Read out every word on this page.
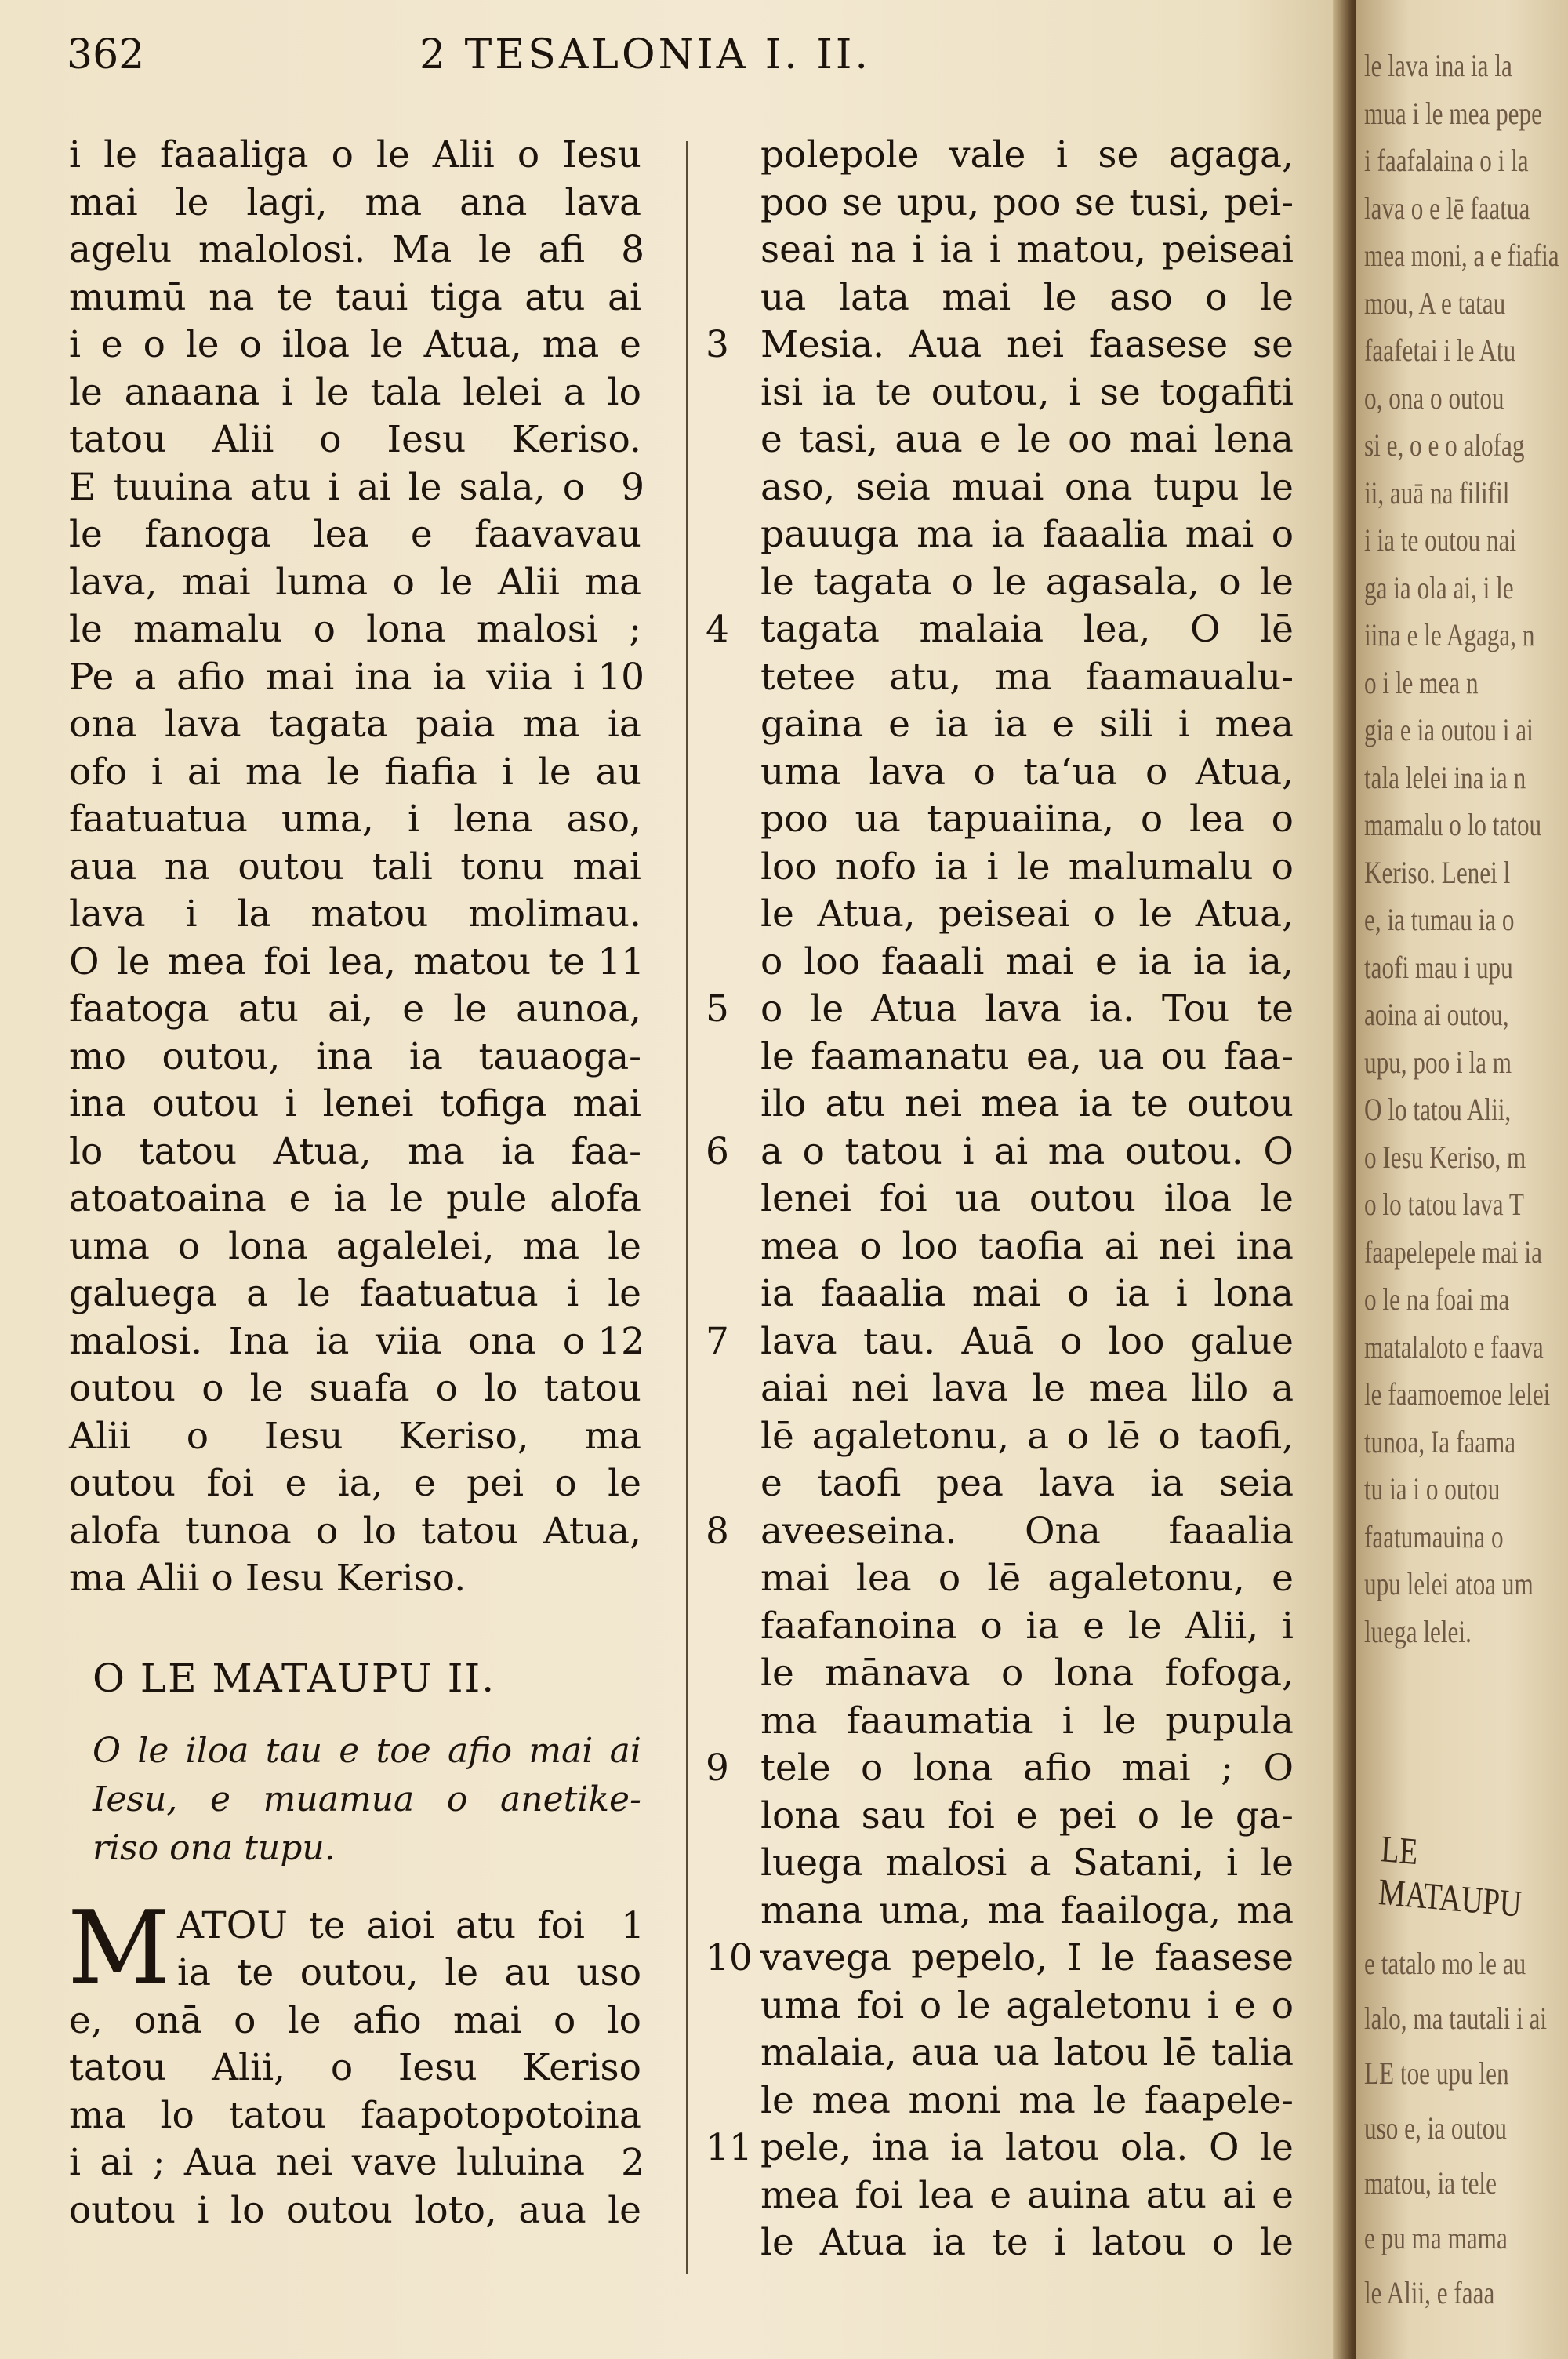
362	2 TESALONIA I. II.
i le faaaliga o le Alii o Iesu
mai le lagi, ma ana lava
agelu malolosi. Ma le afi 8
mumū na te taui tiga atu ai
i e o le o iloa le Atua, ma e
le anaana i le tala lelei a lo
tatou Alii o Iesu Keriso.
E tuuina atu i ai le sala, o 9
le fanoga lea e faavavau
lava, mai luma o le Alii ma
le mamalu o lona malosi ;
Pe a afio mai ina ia viia i 10
ona lava tagata paia ma ia
ofo i ai ma le fiafia i le au
faatuatua uma, i lena aso,
aua na outou tali tonu mai
lava i la matou molimau.
O le mea foi lea, matou te 11
faatoga atu ai, e le aunoa,
mo outou, ina ia tauaoga-
ina outou i lenei tofiga mai
lo tatou Atua, ma ia faa-
atoatoaina e ia le pule alofa
uma o lona agalelei, ma le
galuega a le faatuatua i le
malosi. Ina ia viia ona o 12
outou o le suafa o lo tatou
Alii o Iesu Keriso, ma
outou foi e ia, e pei o le
alofa tunoa o lo tatou Atua,
ma Alii o Iesu Keriso.
O LE MATAUPU II.
O le iloa tau e toe afio mai ai
Iesu, e muamua o anetike-
riso ona tupu.
M ATOU te aioi atu foi 1
ia te outou, le au uso
e, onā o le afio mai o lo
tatou Alii, o Iesu Keriso
ma lo tatou faapotopotoina
i ai ; Aua nei vave luluina 2
outou i lo outou loto, aua le
polepole vale i se agaga,
poo se upu, poo se tusi, pei-
seai na i ia i matou, peiseai
ua lata mai le aso o le
Mesia. Aua nei faasese se
3
isi ia te outou, i se togafiti
e tasi, aua e le oo mai lena
aso, seia muai ona tupu le
pauuga ma ia faaalia mai o
le tagata o le agasala, o le
tagata malaia lea, O lē
4
tetee atu, ma faamaualu-
gaina e ia ia e sili i mea
uma lava o taʻua o Atua,
poo ua tapuaiina, o lea o
loo nofo ia i le malumalu o
le Atua, peiseai o le Atua,
o loo faaali mai e ia ia ia,
o le Atua lava ia. Tou te
5
le faamanatu ea, ua ou faa-
ilo atu nei mea ia te outou
a o tatou i ai ma outou. O
6
lenei foi ua outou iloa le
mea o loo taofia ai nei ina
ia faaalia mai o ia i lona
lava tau. Auā o loo galue
7
aiai nei lava le mea lilo a
lē agaletonu, a o lē o taofi,
e taofi pea lava ia seia
aveeseina. Ona faaalia
8
mai lea o lē agaletonu, e
faafanoina o ia e le Alii, i
le mānava o lona fofoga,
ma faaumatia i le pupula
tele o lona afio mai ; O
9
lona sau foi e pei o le ga-
luega malosi a Satani, i le
mana uma, ma faailoga, ma
vavega pepelo, I le faasese
10
uma foi o le agaletonu i e o
malaia, aua ua latou lē talia
le mea moni ma le faapele-
pele, ina ia latou ola. O le
11
mea foi lea e auina atu ai e
le Atua ia te i latou o le
le lava ina ia la
mua i le mea pepe
i faafalaina o i la
lava o e lē faatua
mea moni, a e fiafia
mou, A e tatau
faafetai i le Atu
o, ona o outou
si e, o e o alofag
ii, auā na filifil
i ia te outou nai
ga ia ola ai, i le
iina e le Agaga, n
o i le mea n
gia e ia outou i ai
tala lelei ina ia n
mamalu o lo tatou
Keriso. Lenei l
e, ia tumau ia o
taofi mau i upu
aoina ai outou,
upu, poo i la m
O lo tatou Alii,
o Iesu Keriso, m
o lo tatou lava T
faapelepele mai ia
o le na foai ma
matalaloto e faava
le faamoemoe lelei
tunoa, Ia faama
tu ia i o outou
faatumauina o
upu lelei atoa um
luega lelei.
LE MATAUPU
e tatalo mo le au
lalo, ma tautali i ai
LE toe upu len
uso e, ia outou
matou, ia tele
e pu ma mama
le Alii, e faaa
